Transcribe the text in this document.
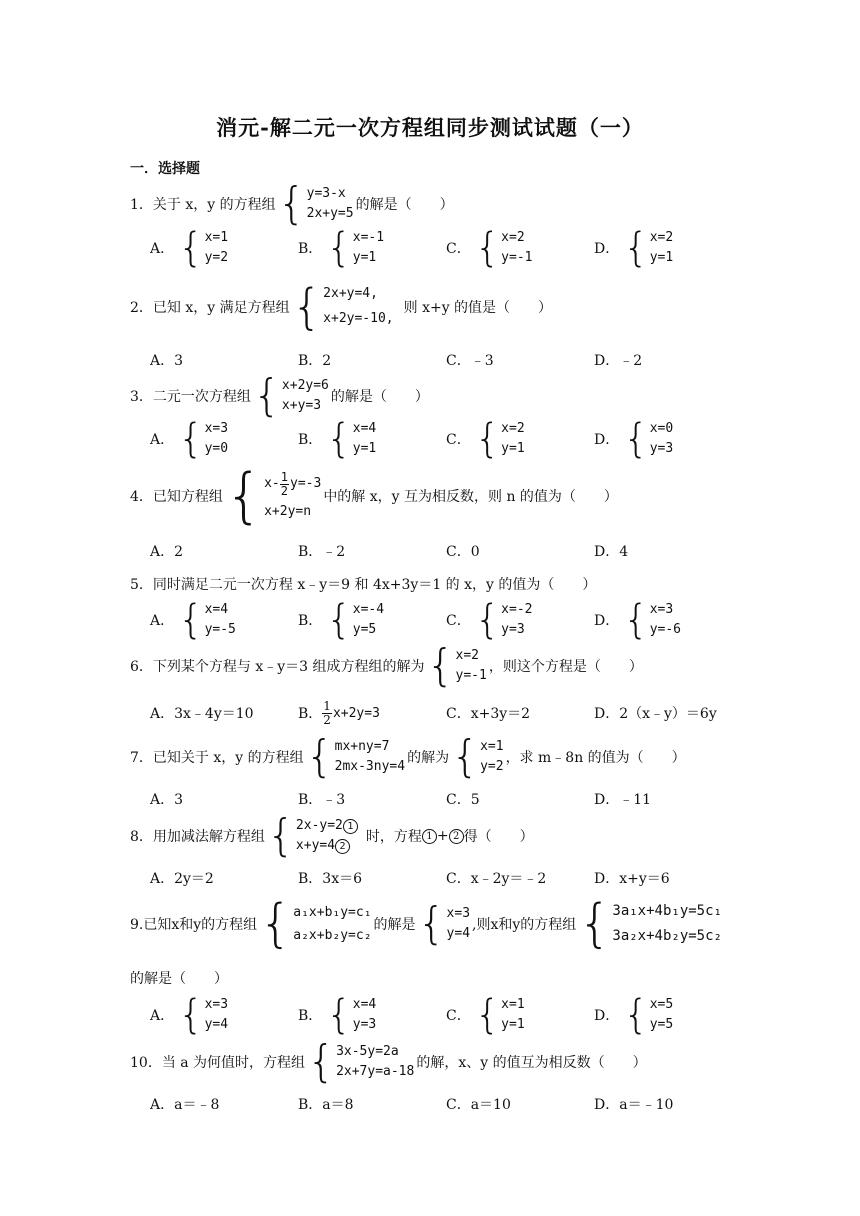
消元-解二元一次方程组同步测试试题（一）
一．选择题
1．关于 x，y 的方程组 { y=3-x
2x+y=5
的解是（　　）
A． { x=1
y=2
B． { x=-1
y=1
C． { x=2
y=-1
D． { x=2
y=1
2．已知 x，y 满足方程组 { 2x+y=4,
x+2y=-10,
则 x+y 的值是（　　）
A．3	B．2	C．﹣3	D．﹣2
3．二元一次方程组 { x+2y=6
x+y=3
的解是（　　）
A． { x=3
y=0
B． { x=4
y=1
C． { x=2
y=1
D． { x=0
y=3
4．已知方程组 { $x- \frac{1}{2} y=-3$
x+2y=n
中的解 x，y 互为相反数，则 n 的值为（　　）
A．2	B．﹣2	C．0	D．4
5．同时满足二元一次方程 x﹣y＝9 和 4x+3y＝1 的 x，y 的值为（　　）
A． { x=4
y=-5
B． { x=-4
y=5
C． { x=-2
y=3
D． { x=3
y=-6
6．下列某个方程与 x﹣y＝3 组成方程组的解为 { x=2
y=-1
，则这个方程是（　　）
A．3x﹣4y＝10	B． $\frac{1}{2} x+2y=3$	C．x+3y＝2	D．2（x﹣y）＝6y
7．已知关于 x，y 的方程组 { mx+ny=7
2mx-3ny=4
的解为 { x=1
y=2
，求 m﹣8n 的值为（　　）
A．3	B．﹣3	C．5	D．﹣11
8．用加减法解方程组 { 2x-y=2 1
x+y=4 2
时，方程 1 + 2 得（　　）
A．2y＝2	B．3x＝6	C．x﹣2y＝﹣2	D．x+y＝6
9.已知x和y的方程组 { a₁x+b₁y=c₁
a₂x+b₂y=c₂
的解是 { x=3
y=4
,则x和y的方程组 { 3a₁x+4b₁y=5c₁
3a₂x+4b₂y=5c₂
的解是（　　）
A． { x=3
y=4
B． { x=4
y=3
C． { x=1
y=1
D． { x=5
y=5
10．当 a 为何值时，方程组 { 3x-5y=2a
2x+7y=a-18
的解，x、y 的值互为相反数（　　）
A．a＝﹣8	B．a＝8	C．a＝10	D．a＝﹣10
